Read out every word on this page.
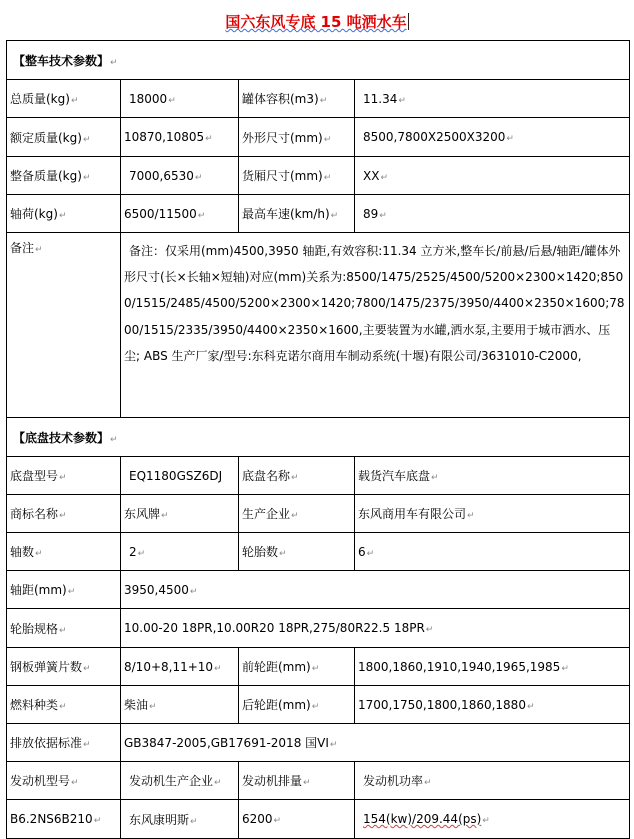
国六东风专底 15 吨洒水车
【整车技术参数】↵			
总质量(kg)↵	18000↵	罐体容积(m3)↵	11.34↵
额定质量(kg)↵	10870,10805↵	外形尺寸(mm)↵	8500,7800X2500X3200↵
整备质量(kg)↵	7000,6530↵	货厢尺寸(mm)↵	XX↵
轴荷(kg)↵	6500/11500↵	最高车速(km/h)↵	89↵
备注↵	备注：仅采用(mm)4500,3950 轴距,有效容积:11.34 立方米,整车长/前悬/后悬/轴距/罐体外形尺寸(长×长轴×短轴)对应(mm)关系为:8500/1475/2525/4500/5200×2300×1420;8500/1515/2485/4500/5200×2300×1420;7800/1475/2375/3950/4400×2350×1600;7800/1515/2335/3950/4400×2350×1600,主要装置为水罐,洒水泵,主要用于城市洒水、压尘; ABS 生产厂家/型号:东科克诺尔商用车制动系统(十堰)有限公司/3631010-C2000,		
【底盘技术参数】↵			
底盘型号↵	EQ1180GSZ6DJ	底盘名称↵	载货汽车底盘↵
商标名称↵	东风牌↵	生产企业↵	东风商用车有限公司↵
轴数↵	2↵	轮胎数↵	6↵
轴距(mm)↵	3950,4500↵		
轮胎规格↵	10.00-20 18PR,10.00R20 18PR,275/80R22.5 18PR↵		
钢板弹簧片数↵	8/10+8,11+10↵	前轮距(mm)↵	1800,1860,1910,1940,1965,1985↵
燃料种类↵	柴油↵	后轮距(mm)↵	1700,1750,1800,1860,1880↵
排放依据标准↵	GB3847-2005,GB17691-2018 国VI↵		
发动机型号↵	发动机生产企业↵	发动机排量↵	发动机功率↵
B6.2NS6B210↵	东风康明斯↵	6200↵	154(kw)/209.44(ps)↵
